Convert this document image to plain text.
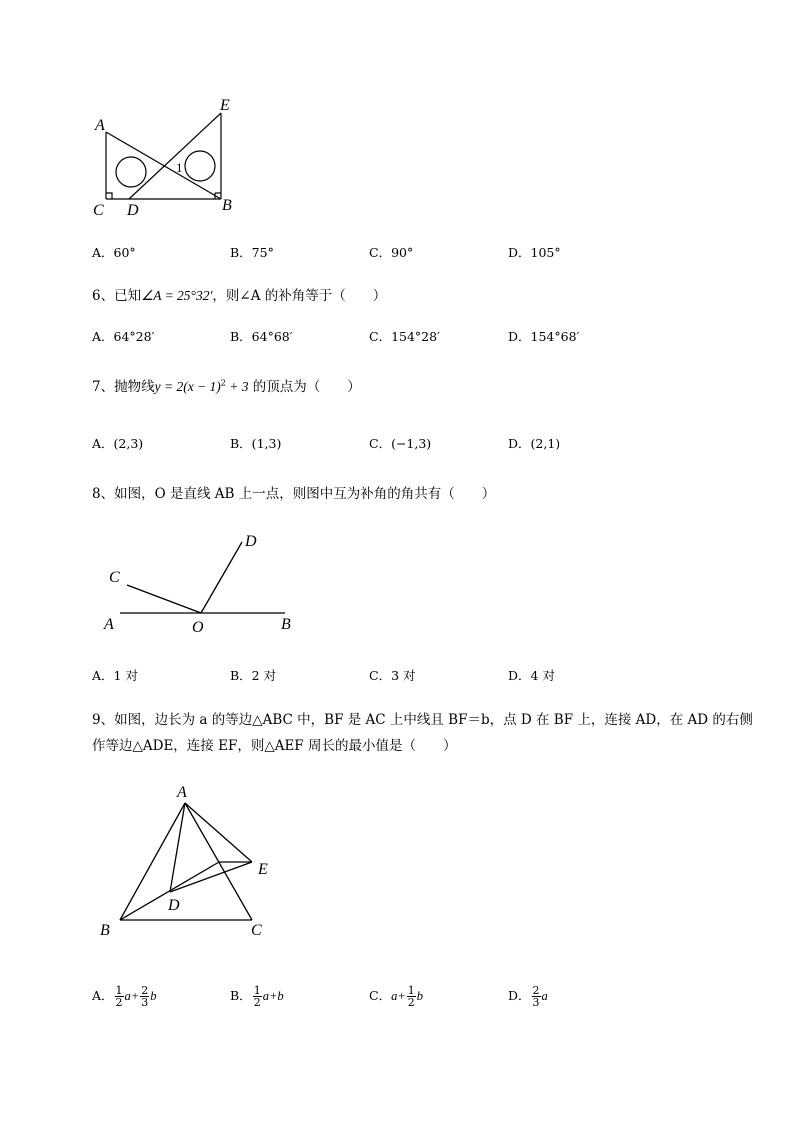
A
C D	B
E
1
A．60°	B．75°	C．90°	D．105°
6、已知∠A = 25°32′，则∠A 的补角等于（　　）
A．64°28′	B．64°68′	C．154°28′	D．154°68′
7、抛物线$y = 2(x - 1)^2 + 3$ 的顶点为（　　）
A．(2,3)	B．(1,3)	C．(−1,3)	D．(2,1)
8、如图，O 是直线 AB 上一点，则图中互为补角的角共有（　　）
A	O	B
C
D
A．1 对	B．2 对	C．3 对	D．4 对
9、如图，边长为 a 的等边△ABC 中，BF 是 AC 上中线且 BF＝b，点 D 在 BF 上，连接 AD，在 AD 的右侧
作等边△ADE，连接 EF，则△AEF 周长的最小值是（　　）
A
B	C
D
E
A． $\frac{1}{2} a+ \frac{2}{3}$ b	B． $\frac{1}{2} a+b$	C．$a+ \frac{1}{2}$ b	D． $\frac{2}{3}$ a
